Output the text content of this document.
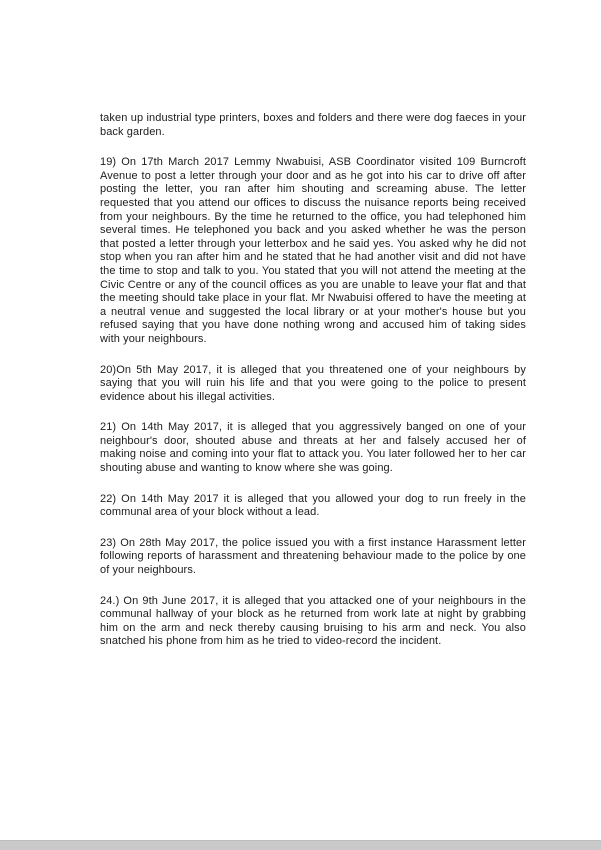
taken up industrial type printers, boxes and folders and there were dog faeces in your back garden.

19) On 17th March 2017 Lemmy Nwabuisi, ASB Coordinator visited 109 Burncroft Avenue to post a letter through your door and as he got into his car to drive off after posting the letter, you ran after him shouting and screaming abuse. The letter requested that you attend our offices to discuss the nuisance reports being received from your neighbours. By the time he returned to the office, you had telephoned him several times. He telephoned you back and you asked whether he was the person that posted a letter through your letterbox and he said yes. You asked why he did not stop when you ran after him and he stated that he had another visit and did not have the time to stop and talk to you. You stated that you will not attend the meeting at the Civic Centre or any of the council offices as you are unable to leave your flat and that the meeting should take place in your flat. Mr Nwabuisi offered to have the meeting at a neutral venue and suggested the local library or at your mother's house but you refused saying that you have done nothing wrong and accused him of taking sides with your neighbours.

20)On 5th May 2017, it is alleged that you threatened one of your neighbours by saying that you will ruin his life and that you were going to the police to present evidence about his illegal activities.

21) On 14th May 2017, it is alleged that you aggressively banged on one of your neighbour's door, shouted abuse and threats at her and falsely accused her of making noise and coming into your flat to attack you. You later followed her to her car shouting abuse and wanting to know where she was going.

22) On 14th May 2017 it is alleged that you allowed your dog to run freely in the communal area of your block without a lead.

23) On 28th May 2017, the police issued you with a first instance Harassment letter following reports of harassment and threatening behaviour made to the police by one of your neighbours.

24.) On 9th June 2017, it is alleged that you attacked one of your neighbours in the communal hallway of your block as he returned from work late at night by grabbing him on the arm and neck thereby causing bruising to his arm and neck. You also snatched his phone from him as he tried to video-record the incident.
